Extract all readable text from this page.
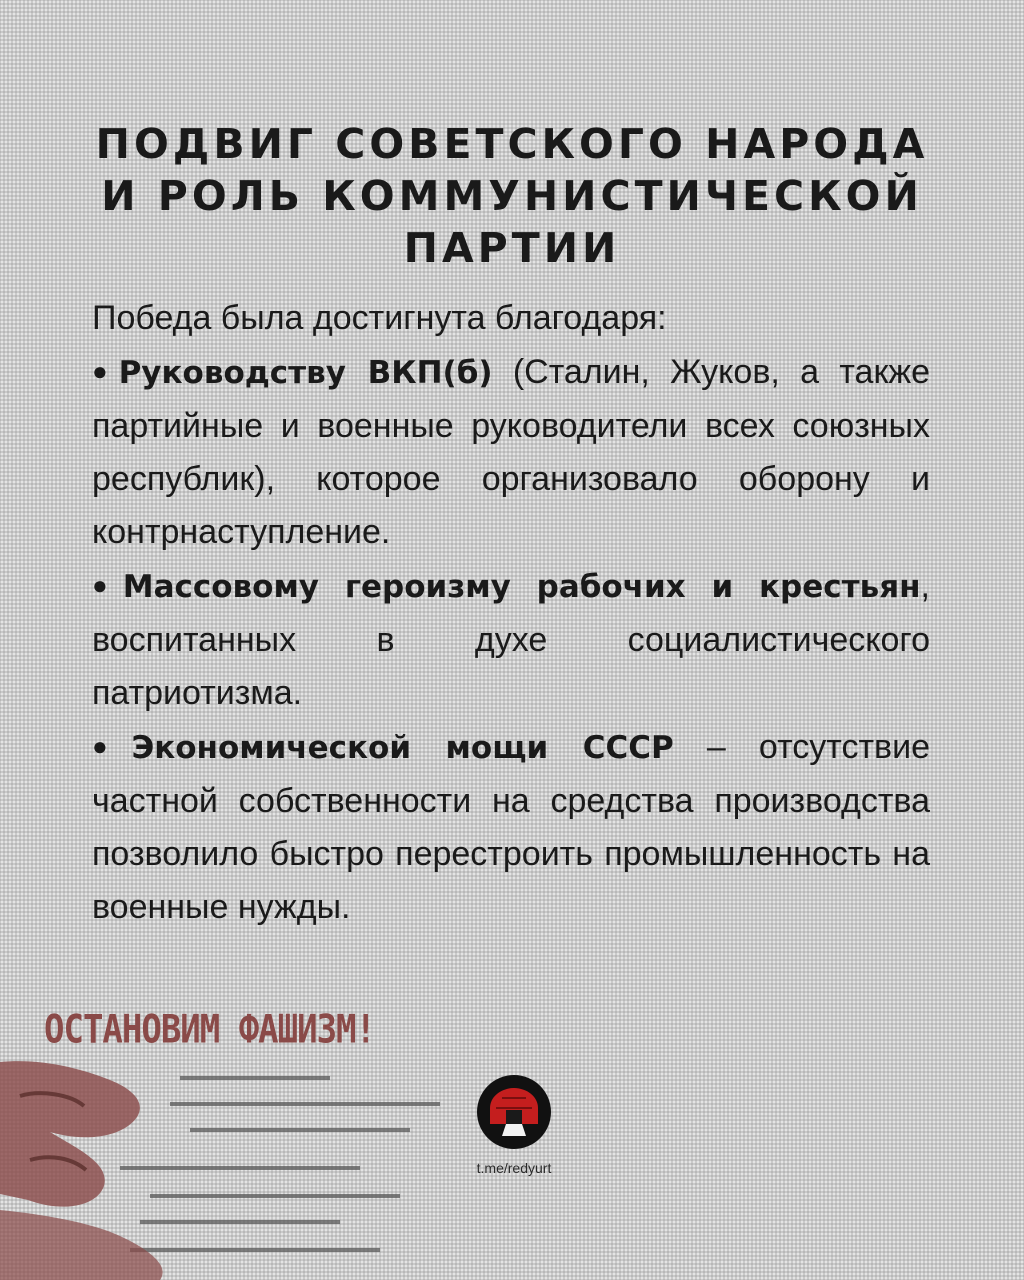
ПОДВИГ СОВЕТСКОГО НАРОДА
И РОЛЬ КОММУНИСТИЧЕСКОЙ
ПАРТИИ

Победа была достигнута благодаря:

●Руководству ВКП(б) (Сталин, Жуков, а также партийные и военные руководители всех союзных республик), которое организовало оборону и контрнаступление.

●Массовому героизму рабочих и крестьян, воспитанных в духе социалистического патриотизма.

●Экономической мощи СССР – отсутствие частной собственности на средства производства позволило быстро перестроить промышленность на военные нужды.

ОСТАНОВИМ ФАШИЗМ!
t.me/redyurt
